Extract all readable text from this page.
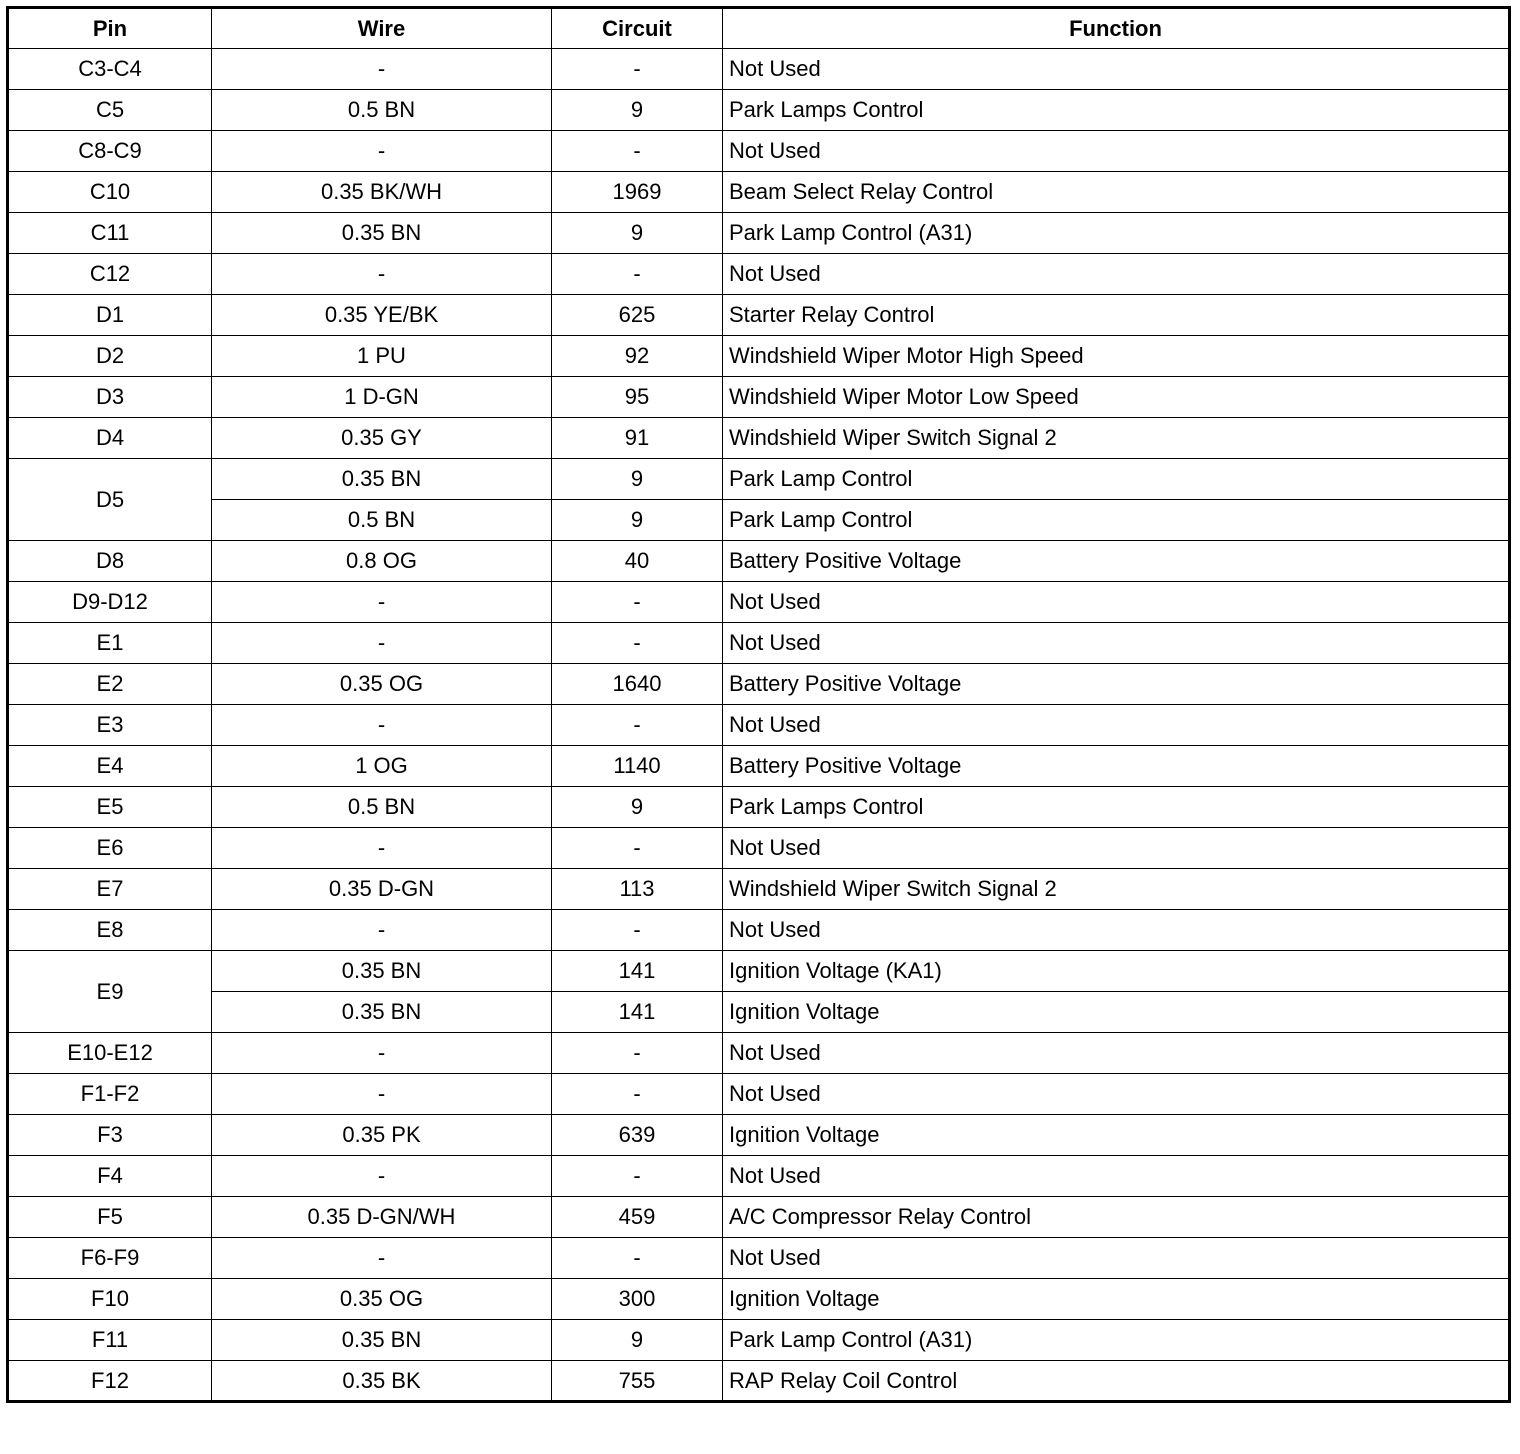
Pin	Wire	Circuit	Function
C3-C4	-	-	Not Used
C5	0.5 BN	9	Park Lamps Control
C8-C9	-	-	Not Used
C10	0.35 BK/WH	1969	Beam Select Relay Control
C11	0.35 BN	9	Park Lamp Control (A31)
C12	-	-	Not Used
D1	0.35 YE/BK	625	Starter Relay Control
D2	1 PU	92	Windshield Wiper Motor High Speed
D3	1 D-GN	95	Windshield Wiper Motor Low Speed
D4	0.35 GY	91	Windshield Wiper Switch Signal 2
D5	0.35 BN	9	Park Lamp Control
	0.5 BN	9	Park Lamp Control
D8	0.8 OG	40	Battery Positive Voltage
D9-D12	-	-	Not Used
E1	-	-	Not Used
E2	0.35 OG	1640	Battery Positive Voltage
E3	-	-	Not Used
E4	1 OG	1140	Battery Positive Voltage
E5	0.5 BN	9	Park Lamps Control
E6	-	-	Not Used
E7	0.35 D-GN	113	Windshield Wiper Switch Signal 2
E8	-	-	Not Used
E9	0.35 BN	141	Ignition Voltage (KA1)
	0.35 BN	141	Ignition Voltage
E10-E12	-	-	Not Used
F1-F2	-	-	Not Used
F3	0.35 PK	639	Ignition Voltage
F4	-	-	Not Used
F5	0.35 D-GN/WH	459	A/C Compressor Relay Control
F6-F9	-	-	Not Used
F10	0.35 OG	300	Ignition Voltage
F11	0.35 BN	9	Park Lamp Control (A31)
F12	0.35 BK	755	RAP Relay Coil Control
